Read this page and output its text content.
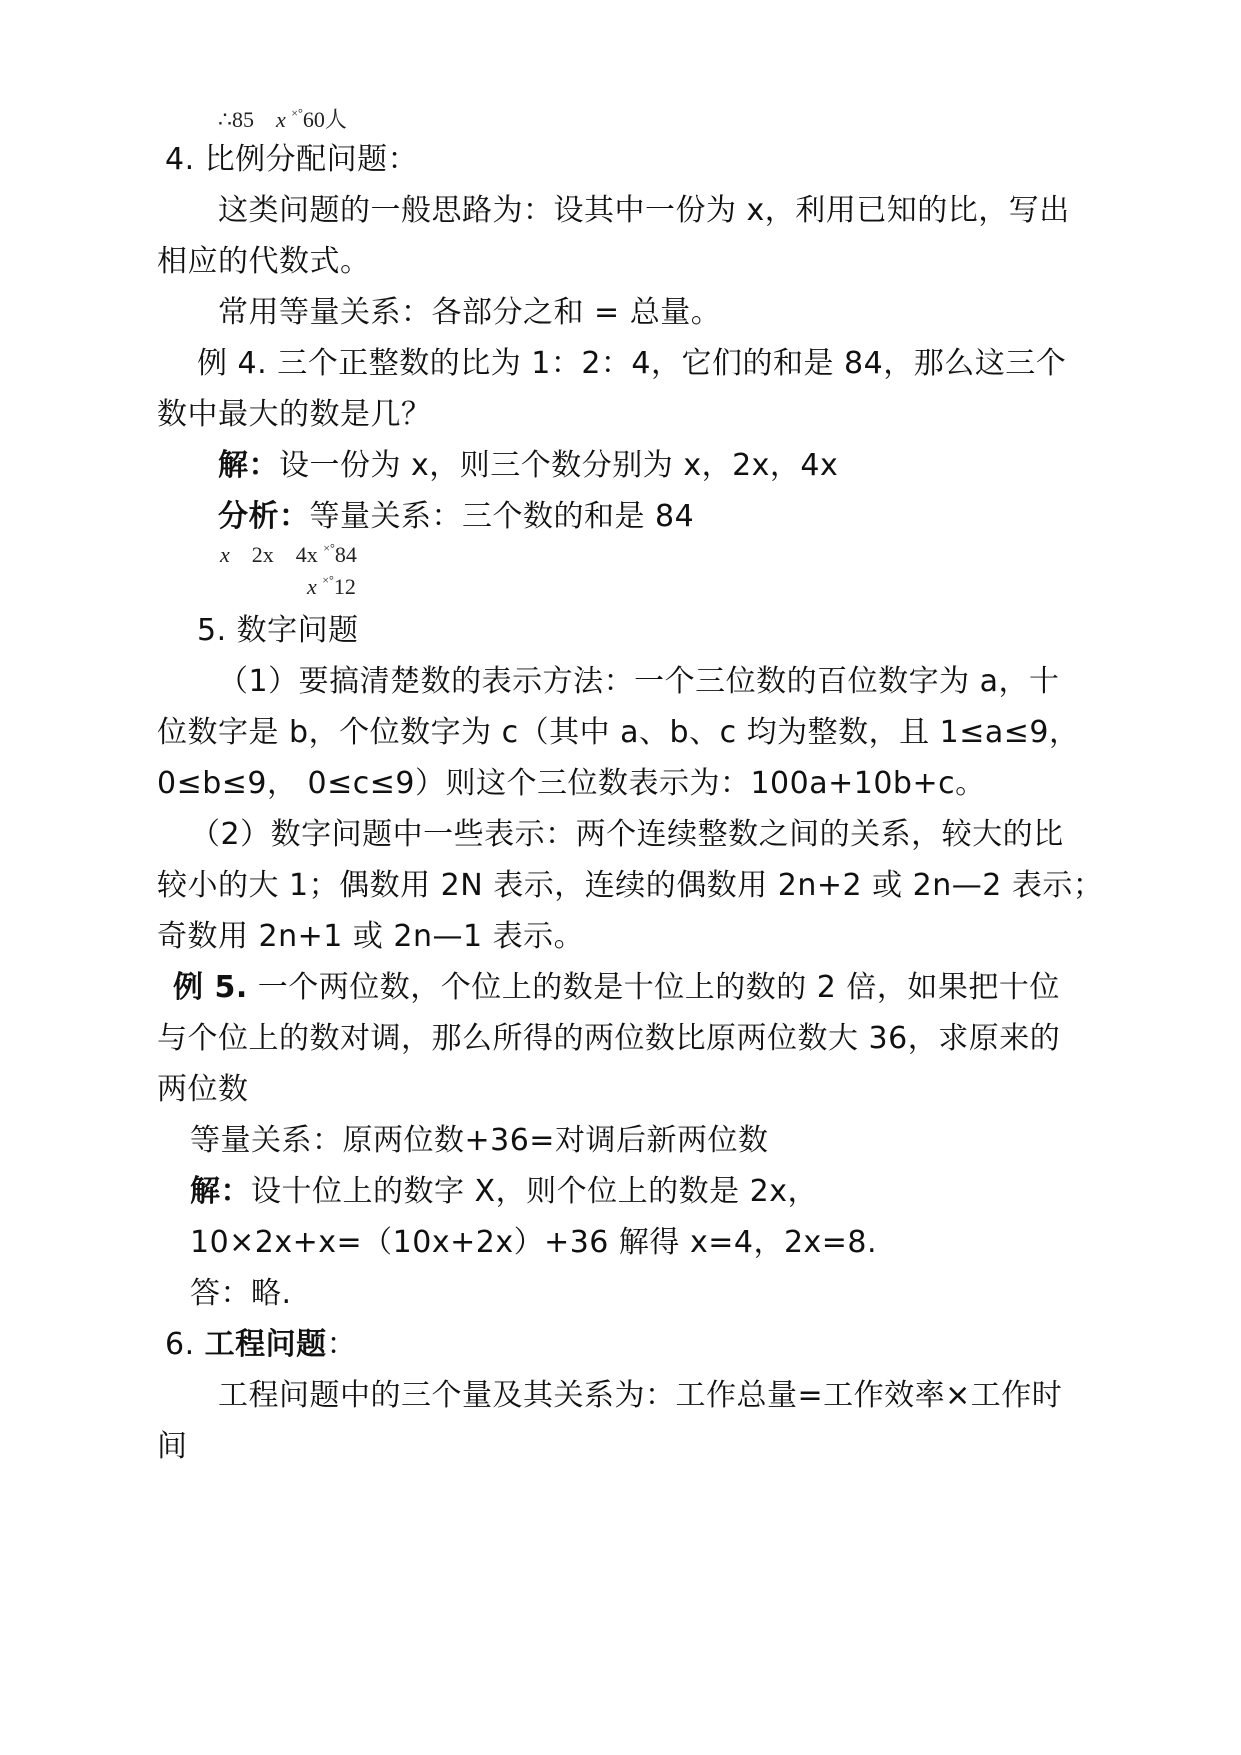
∴85 x ×°60人
4. 比例分配问题：
这类问题的一般思路为：设其中一份为 x，利用已知的比，写出
相应的代数式。
常用等量关系：各部分之和 = 总量。
例 4. 三个正整数的比为 1：2：4，它们的和是 84，那么这三个
数中最大的数是几？
解：设一份为 x，则三个数分别为 x，2x，4x
分析：等量关系：三个数的和是 84
x 2x 4x ×°84
x ×°12
5. 数字问题
（1）要搞清楚数的表示方法：一个三位数的百位数字为 a，十
位数字是 b，个位数字为 c（其中 a、b、c 均为整数，且 1≤a≤9，
0≤b≤9， 0≤c≤9）则这个三位数表示为：100a+10b+c。
（2）数字问题中一些表示：两个连续整数之间的关系，较大的比
较小的大 1；偶数用 2N 表示，连续的偶数用 2n+2 或 2n—2 表示；
奇数用 2n+1 或 2n—1 表示。
例 5. 一个两位数，个位上的数是十位上的数的 2 倍，如果把十位
与个位上的数对调，那么所得的两位数比原两位数大 36，求原来的
两位数
等量关系：原两位数+36=对调后新两位数
解：设十位上的数字 X，则个位上的数是 2x，
10×2x+x=（10x+2x）+36 解得 x=4，2x=8.
答：略.
6. 工程问题：
工程问题中的三个量及其关系为：工作总量=工作效率×工作时
间
